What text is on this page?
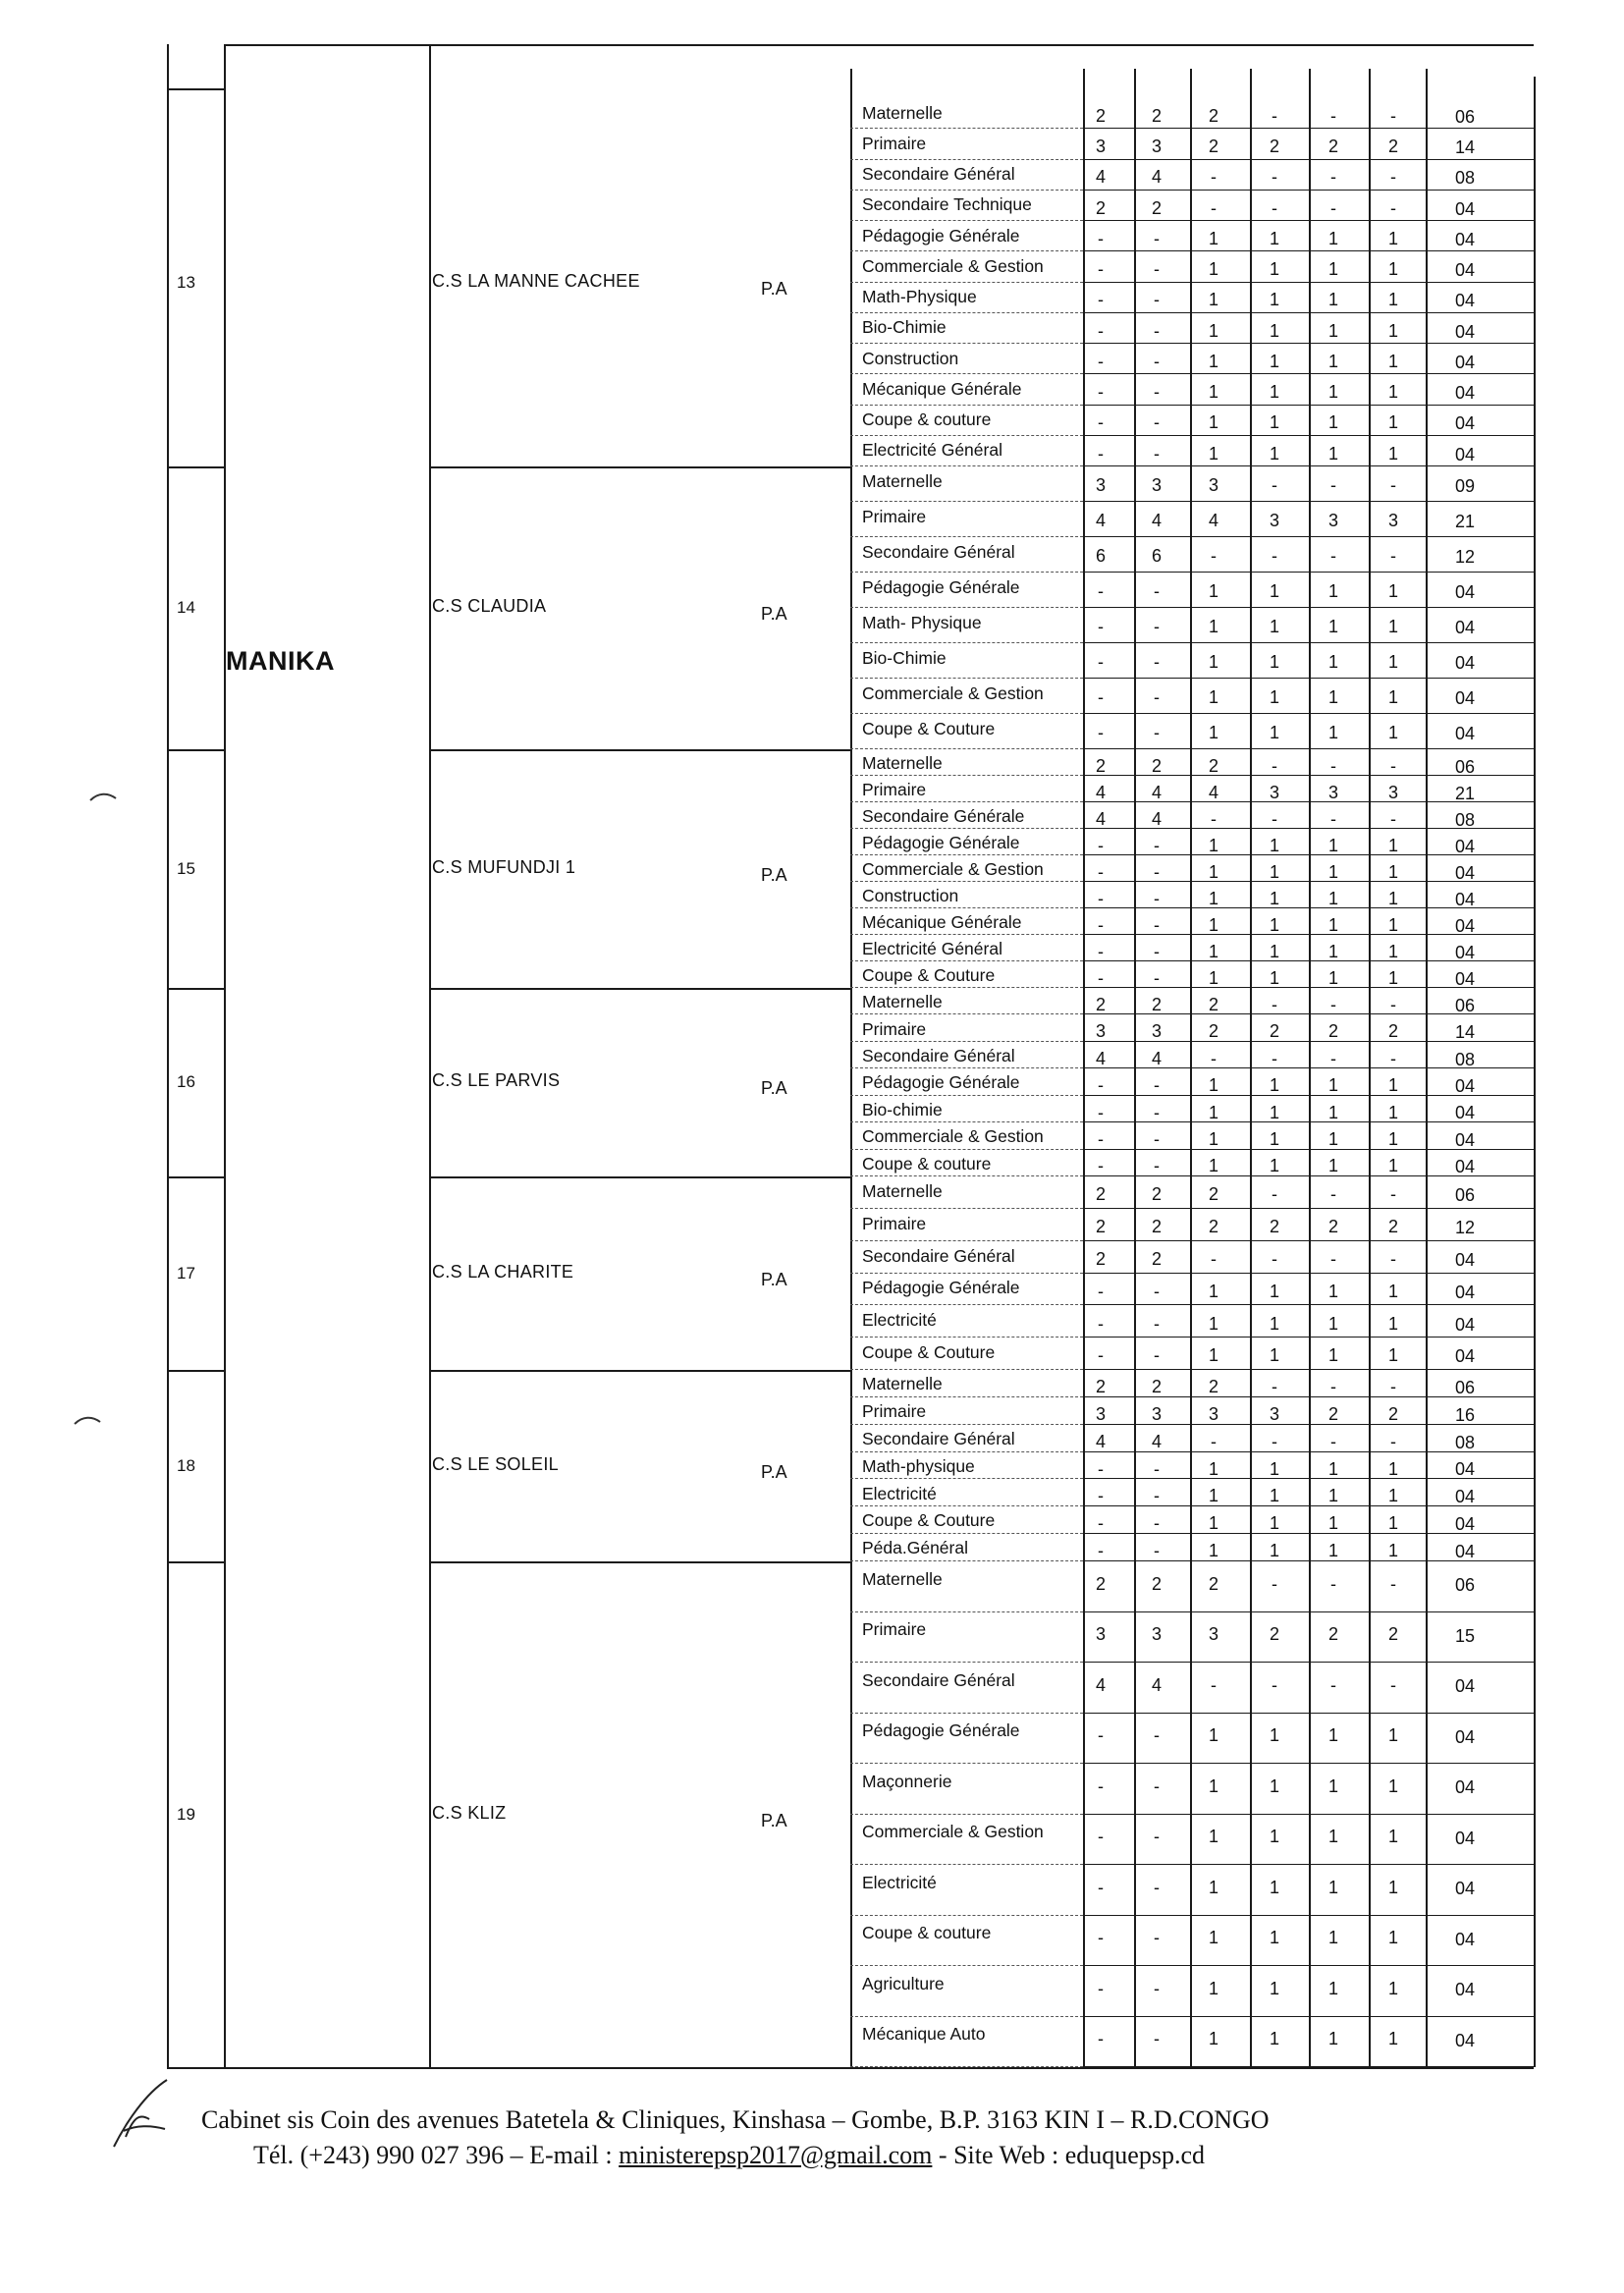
MANIKA
13	C.S LA MANNE CACHEE	P.A
Maternelle	2	2	2	-	-	-	06
Primaire	3	3	2	2	2	2	14
Secondaire Général	4	4	-	-	-	-	08
Secondaire Technique	2	2	-	-	-	-	04
Pédagogie Générale	-	-	1	1	1	1	04
Commerciale & Gestion	-	-	1	1	1	1	04
Math-Physique	-	-	1	1	1	1	04
Bio-Chimie	-	-	1	1	1	1	04
Construction	-	-	1	1	1	1	04
Mécanique Générale	-	-	1	1	1	1	04
Coupe & couture	-	-	1	1	1	1	04
Electricité Général	-	-	1	1	1	1	04
14	C.S CLAUDIA	P.A
Maternelle	3	3	3	-	-	-	09
Primaire	4	4	4	3	3	3	21
Secondaire Général	6	6	-	-	-	-	12
Pédagogie Générale	-	-	1	1	1	1	04
Math- Physique	-	-	1	1	1	1	04
Bio-Chimie	-	-	1	1	1	1	04
Commerciale & Gestion	-	-	1	1	1	1	04
Coupe & Couture	-	-	1	1	1	1	04
15	C.S MUFUNDJI 1	P.A
Maternelle	2	2	2	-	-	-	06
Primaire	4	4	4	3	3	3	21
Secondaire Générale	4	4	-	-	-	-	08
Pédagogie Générale	-	-	1	1	1	1	04
Commerciale & Gestion	-	-	1	1	1	1	04
Construction	-	-	1	1	1	1	04
Mécanique Générale	-	-	1	1	1	1	04
Electricité Général	-	-	1	1	1	1	04
Coupe & Couture	-	-	1	1	1	1	04
16	C.S LE PARVIS	P.A
Maternelle	2	2	2	-	-	-	06
Primaire	3	3	2	2	2	2	14
Secondaire Général	4	4	-	-	-	-	08
Pédagogie Générale	-	-	1	1	1	1	04
Bio-chimie	-	-	1	1	1	1	04
Commerciale & Gestion	-	-	1	1	1	1	04
Coupe & couture	-	-	1	1	1	1	04
17	C.S LA CHARITE	P.A
Maternelle	2	2	2	-	-	-	06
Primaire	2	2	2	2	2	2	12
Secondaire Général	2	2	-	-	-	-	04
Pédagogie Générale	-	-	1	1	1	1	04
Electricité	-	-	1	1	1	1	04
Coupe & Couture	-	-	1	1	1	1	04
18	C.S LE SOLEIL	P.A
Maternelle	2	2	2	-	-	-	06
Primaire	3	3	3	3	2	2	16
Secondaire Général	4	4	-	-	-	-	08
Math-physique	-	-	1	1	1	1	04
Electricité	-	-	1	1	1	1	04
Coupe & Couture	-	-	1	1	1	1	04
Péda.Général	-	-	1	1	1	1	04
19	C.S KLIZ	P.A
Maternelle	2	2	2	-	-	-	06
Primaire	3	3	3	2	2	2	15
Secondaire Général	4	4	-	-	-	-	04
Pédagogie Générale	-	-	1	1	1	1	04
Maçonnerie	-	-	1	1	1	1	04
Commerciale & Gestion	-	-	1	1	1	1	04
Electricité	-	-	1	1	1	1	04
Coupe & couture	-	-	1	1	1	1	04
Agriculture	-	-	1	1	1	1	04
Mécanique Auto	-	-	1	1	1	1	04
Cabinet sis Coin des avenues Batetela & Cliniques, Kinshasa – Gombe, B.P. 3163 KIN I – R.D.CONGO
Tél. (+243) 990 027 396 – E-mail : ministerepsp2017@gmail.com - Site Web : eduquepsp.cd
